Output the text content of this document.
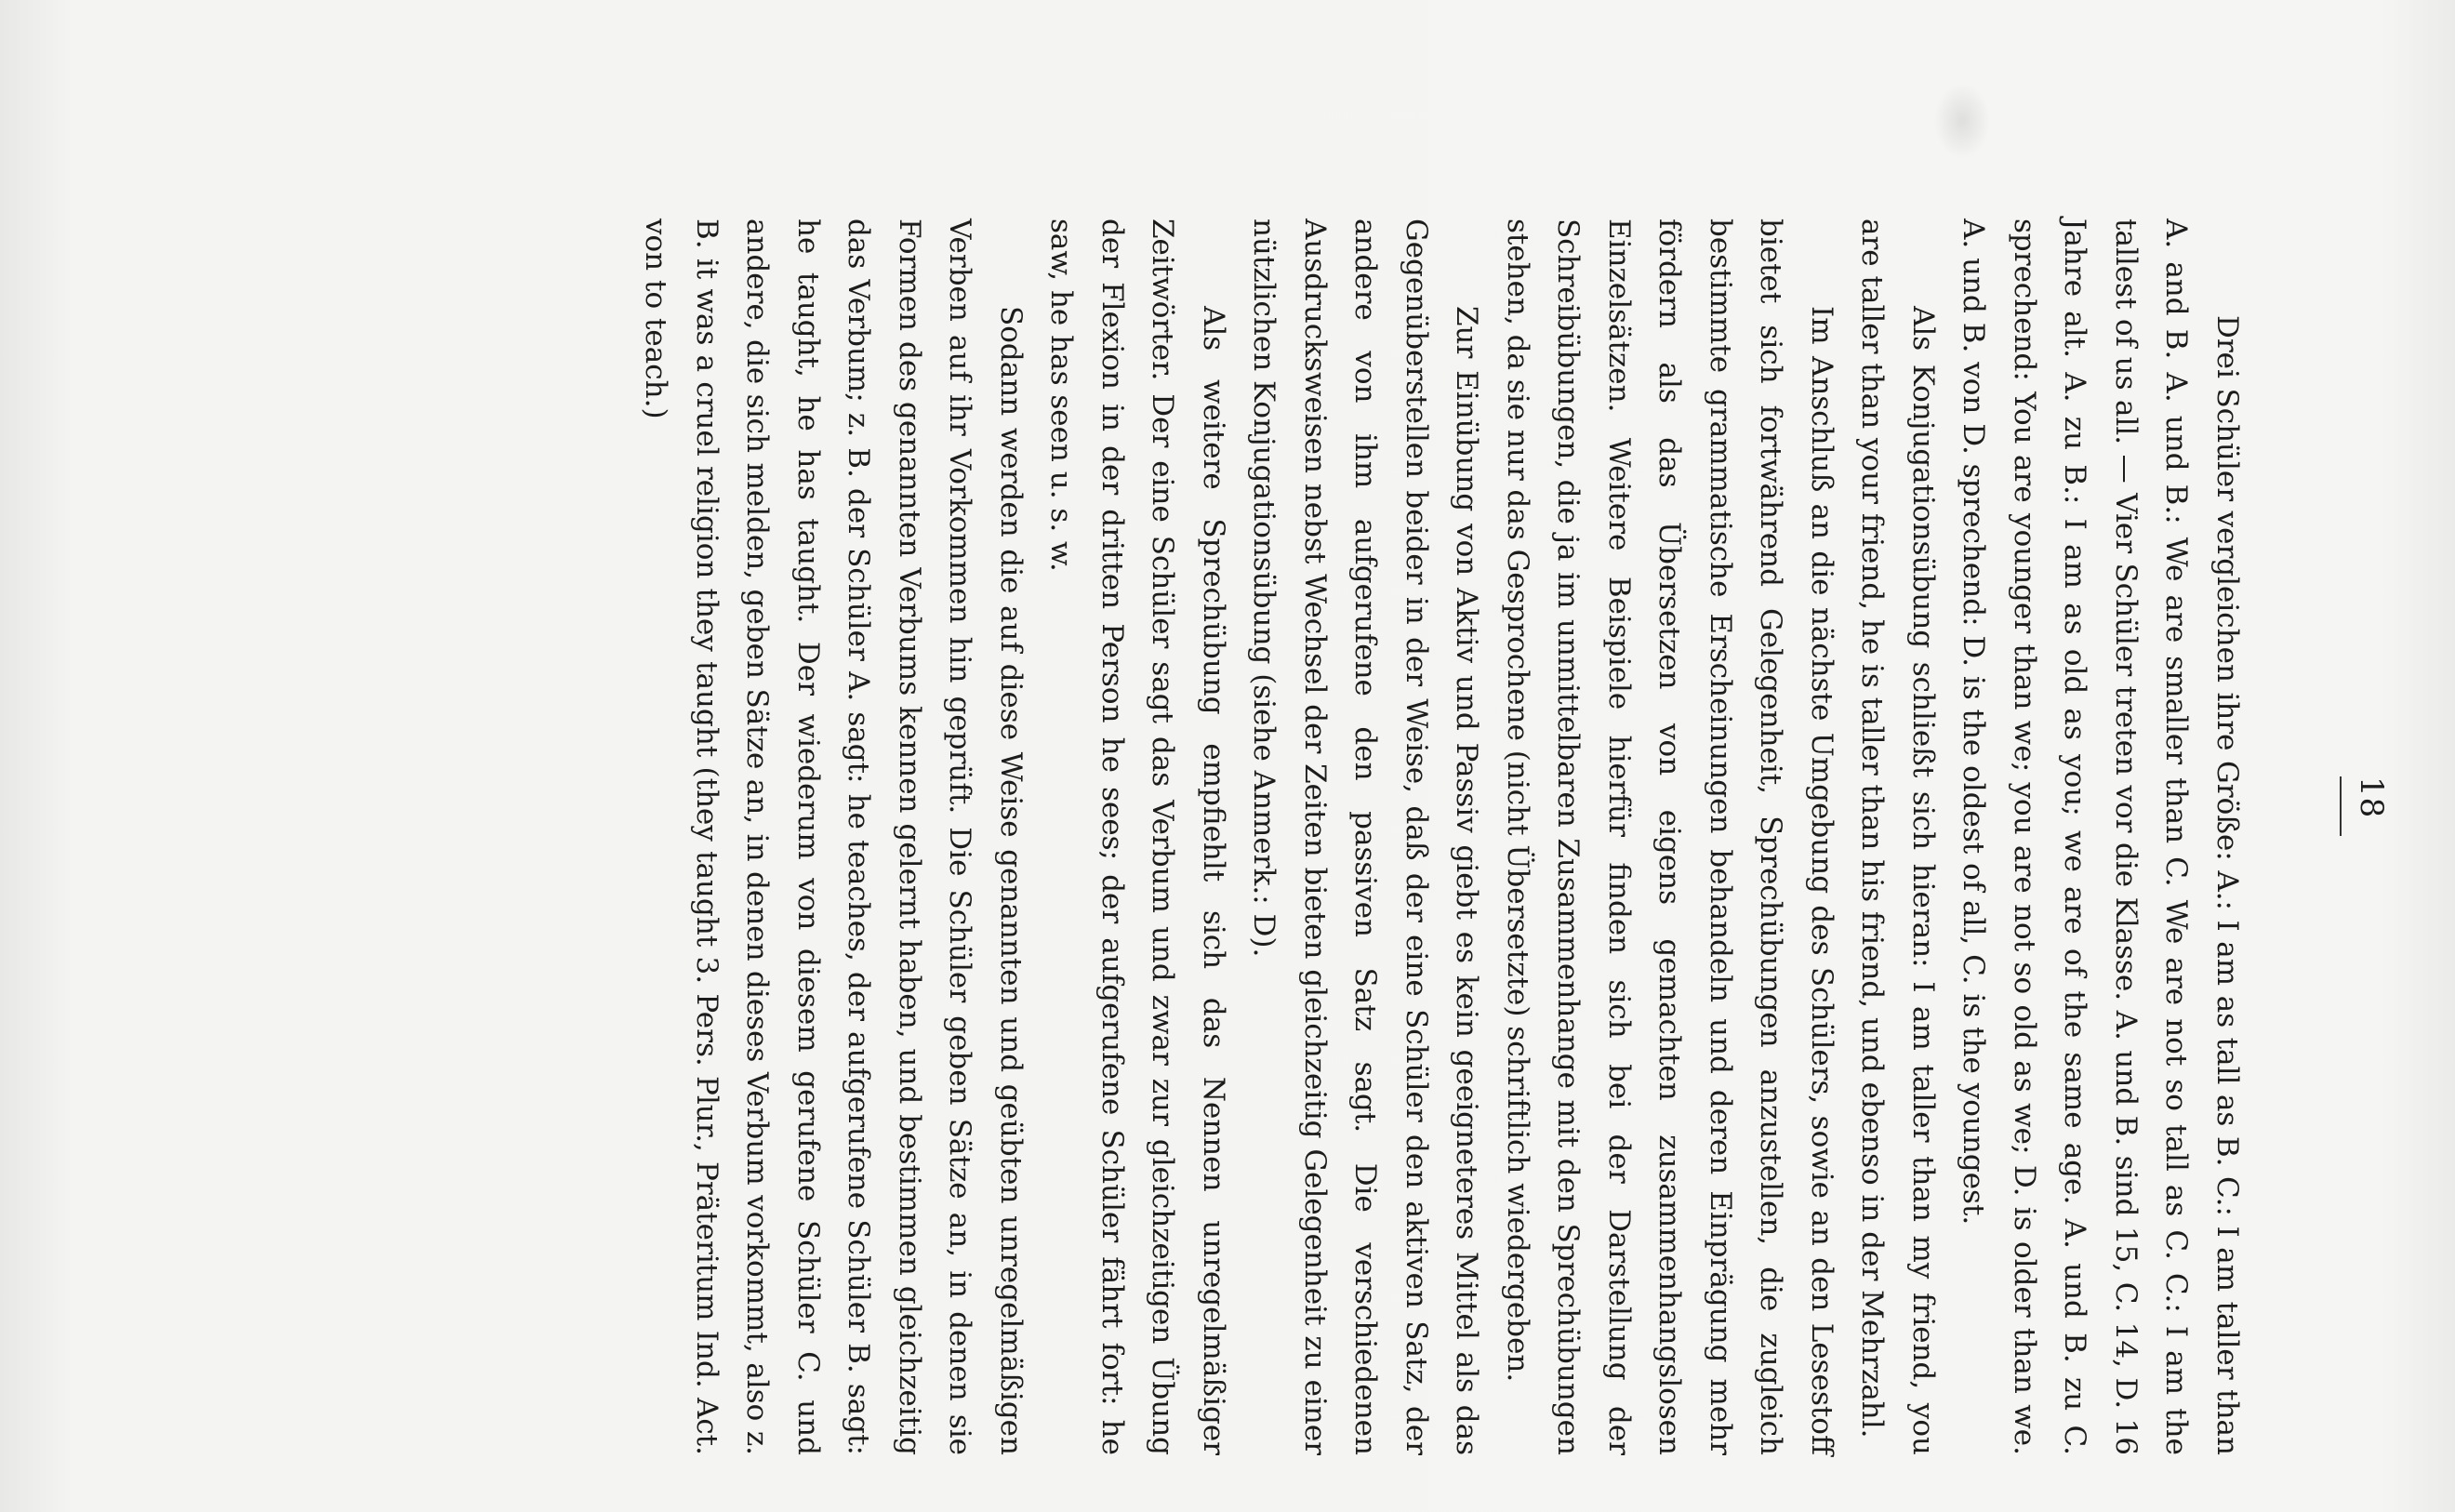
18

Drei Schüler vergleichen ihre Größe: A.: I am as tall as B. C.: I am taller than A. and B. A. und B.: We are smaller than C. We are not so tall as C. C.: I am the tallest of us all. — Vier Schüler treten vor die Klasse. A. und B. sind 15, C. 14, D. 16 Jahre alt. A. zu B.: I am as old as you; we are of the same age. A. und B. zu C. sprechend: You are younger than we; you are not so old as we; D. is older than we. A. und B. von D. sprechend: D. is the oldest of all, C. is the youngest.

Als Konjugationsübung schließt sich hieran: I am taller than my friend, you are taller than your friend, he is taller than his friend, und ebenso in der Mehrzahl.

Im Anschluß an die nächste Umgebung des Schülers, sowie an den Lesestoff bietet sich fortwährend Gelegenheit, Sprechübungen anzustellen, die zugleich bestimmte grammatische Erscheinungen behandeln und deren Einprägung mehr fördern als das Übersetzen von eigens gemachten zusammenhangslosen Einzelsätzen. Weitere Beispiele hierfür finden sich bei der Darstellung der Schreibübungen, die ja im unmittelbaren Zusammenhange mit den Sprechübungen stehen, da sie nur das Gesprochene (nicht Übersetzte) schriftlich wiedergeben.

Zur Einübung von Aktiv und Passiv giebt es kein geeigneteres Mittel als das Gegenüberstellen beider in der Weise, daß der eine Schüler den aktiven Satz, der andere von ihm aufgerufene den passiven Satz sagt. Die verschiedenen Ausdrucksweisen nebst Wechsel der Zeiten bieten gleichzeitig Gelegenheit zu einer nützlichen Konjugationsübung (siehe Anmerk.: D).

Als weitere Sprechübung empfiehlt sich das Nennen unregelmäßiger Zeitwörter. Der eine Schüler sagt das Verbum und zwar zur gleichzeitigen Übung der Flexion in der dritten Person he sees; der aufgerufene Schüler fährt fort: he saw, he has seen u. s. w.

Sodann werden die auf diese Weise genannten und geübten unregelmäßigen Verben auf ihr Vorkommen hin geprüft. Die Schüler geben Sätze an, in denen sie Formen des genannten Verbums kennen gelernt haben, und bestimmen gleichzeitig das Verbum; z. B. der Schüler A. sagt: he teaches, der aufgerufene Schüler B. sagt: he taught, he has taught. Der wiederum von diesem gerufene Schüler C. und andere, die sich melden, geben Sätze an, in denen dieses Verbum vorkommt, also z. B. it was a cruel religion they taught (they taught 3. Pers. Plur., Präteritum Ind. Act. von to teach.)
